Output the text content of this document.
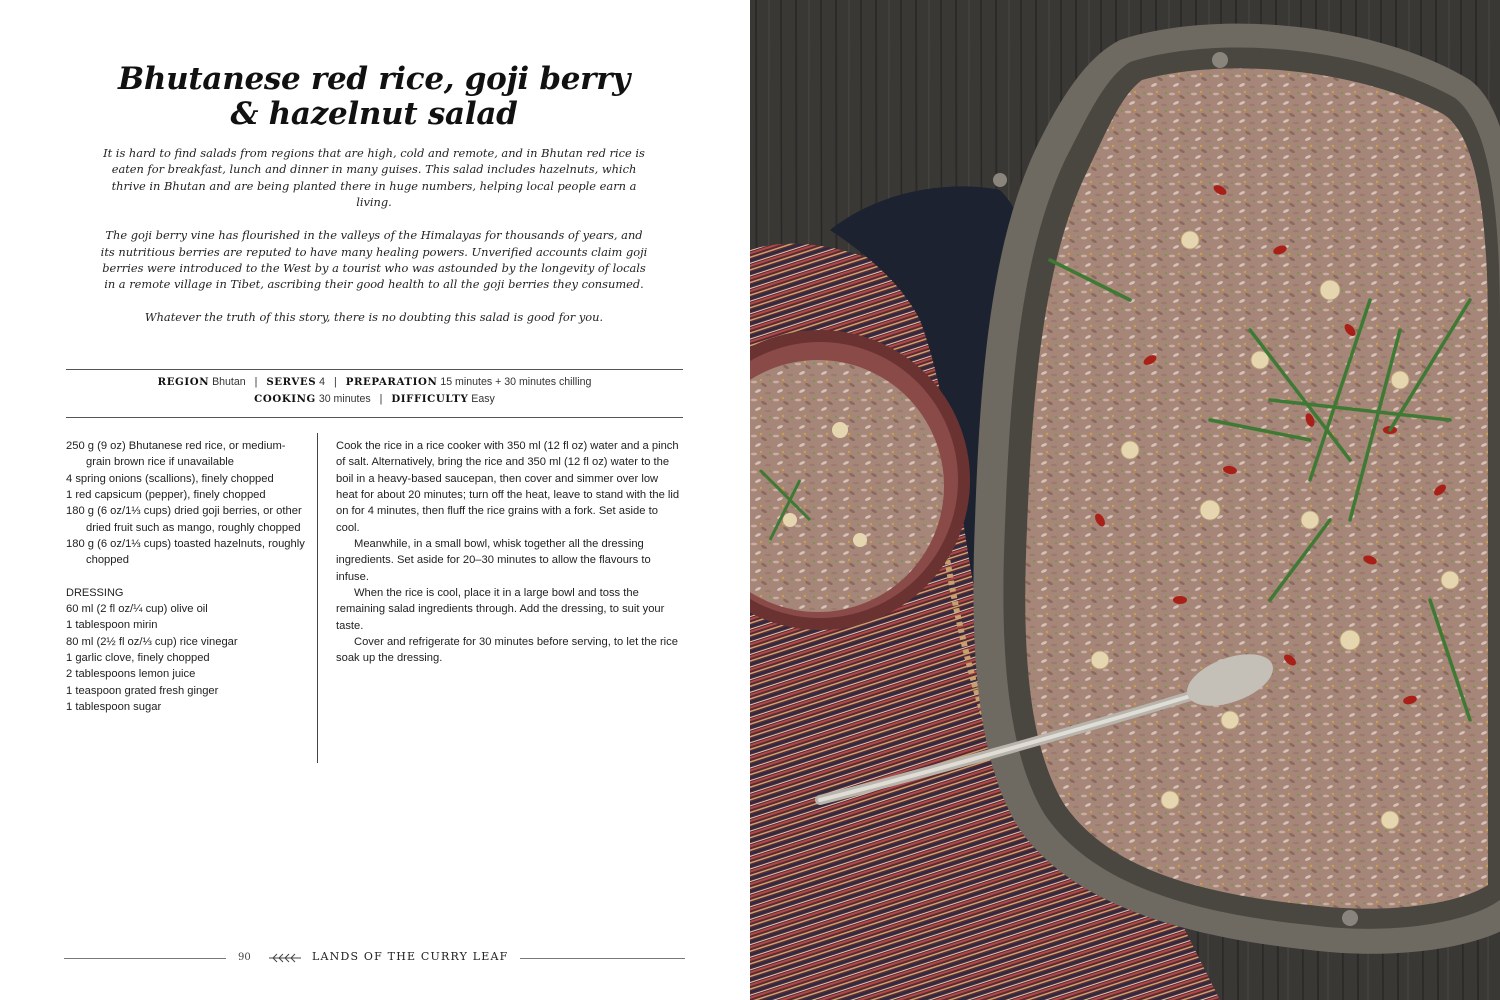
Bhutanese red rice, goji berry
& hazelnut salad

It is hard to find salads from regions that are high, cold and remote, and in Bhutan red rice is eaten for breakfast, lunch and dinner in many guises. This salad includes hazelnuts, which thrive in Bhutan and are being planted there in huge numbers, helping local people earn a living.

The goji berry vine has flourished in the valleys of the Himalayas for thousands of years, and its nutritious berries are reputed to have many healing powers. Unverified accounts claim goji berries were introduced to the West by a tourist who was astounded by the longevity of locals in a remote village in Tibet, ascribing their good health to all the goji berries they consumed.

Whatever the truth of this story, there is no doubting this salad is good for you.

REGION Bhutan | SERVES 4 | PREPARATION 15 minutes + 30 minutes chilling
COOKING 30 minutes | DIFFICULTY Easy

250 g (9 oz) Bhutanese red rice, or medium-grain brown rice if unavailable

4 spring onions (scallions), finely chopped

1 red capsicum (pepper), finely chopped

180 g (6 oz/1⅓ cups) dried goji berries, or other dried fruit such as mango, roughly chopped

180 g (6 oz/1⅓ cups) toasted hazelnuts, roughly chopped

DRESSING

60 ml (2 fl oz/¼ cup) olive oil

1 tablespoon mirin

80 ml (2½ fl oz/⅓ cup) rice vinegar

1 garlic clove, finely chopped

2 tablespoons lemon juice

1 teaspoon grated fresh ginger

1 tablespoon sugar

Cook the rice in a rice cooker with 350 ml (12 fl oz) water and a pinch of salt. Alternatively, bring the rice and 350 ml (12 fl oz) water to the boil in a heavy-based saucepan, then cover and simmer over low heat for about 20 minutes; turn off the heat, leave to stand with the lid on for 4 minutes, then fluff the rice grains with a fork. Set aside to cool.

Meanwhile, in a small bowl, whisk together all the dressing ingredients. Set aside for 20–30 minutes to allow the flavours to infuse.

When the rice is cool, place it in a large bowl and toss the remaining salad ingredients through. Add the dressing, to suit your taste.

Cover and refrigerate for 30 minutes before serving, to let the rice soak up the dressing.

90	LANDS OF THE CURRY LEAF
